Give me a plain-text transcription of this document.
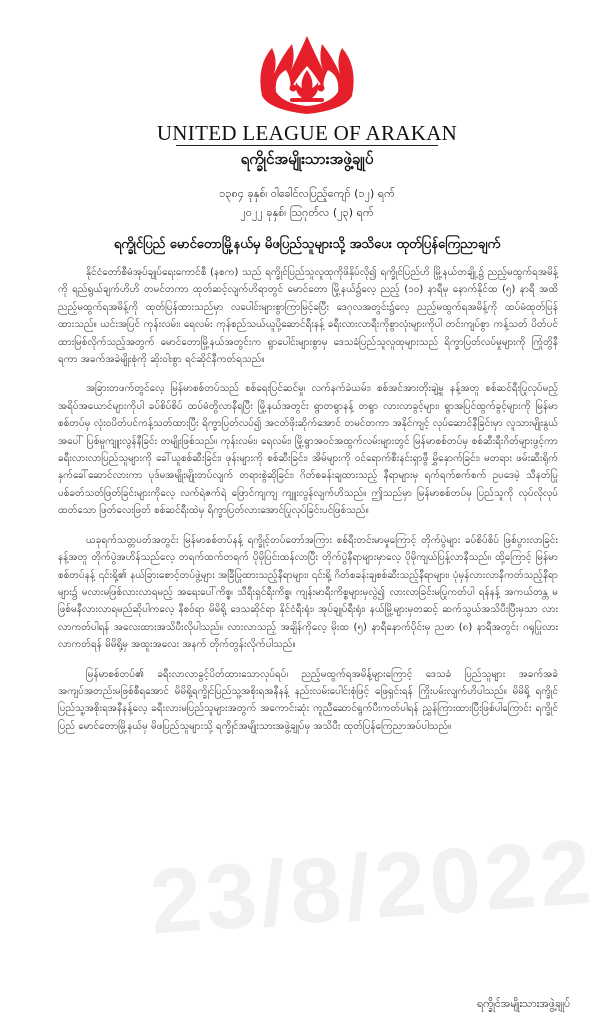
UNITED LEAGUE OF ARAKAN
ရက္ခိုင်အမျိုးသားအဖွဲ့ချုပ်
၁၃၈၄ ခုနှစ်၊ ဝါခေါင်လပြည့်ကျော် (၁၂) ရက်
၂၀၂၂ ခုနှစ်၊ ဩဂုတ်လ (၂၃) ရက်
ရက္ခိုင်ပြည် မောင်တောမြို့နယ်မှ မိဖပြည်သူများသို့ အသိပေး ထုတ်ပြန်ကြေညာချက်

နိုင်ငံတော်စီမံအုပ်ချုပ်ရေးကောင်စီ (နစက) သည် ရက္ခိုင်ပြည်သူလူထုကိုဖိနှိပ်လို၍ ရက္ခိုင်ပြည်ဟိ မြို့နယ်တချို့၌ ညည့်မထွက်ရအမိန့်ကို ရည်ရွယ်ချက်ဟိဟိ တမင်တကာ ထုတ်ဆင့်လျက်ဟိရာတွင် မောင်တော မြို့နယ်၌လေ့ ညည့် (၁၀) နာရီမှ နောက်နိုင်ထ (၅) နာရီ အထိ ညည့်မထွက်ရအမိန့်ကို ထုတ်ပြန်ထားသည်မှာ လပေါင်းများစွာကြာမြင့်ခပြီး ဒေဂုလအတွင်း၌လေ့ ညည့်မထွက်ရအမိန့်ကို ထပ်မံထုတ်ပြန်ထားသည်။ ယင်းအပြင် ကုန်းလမ်း၊ ရေလမ်း ကုန်စည်သယ်ယူပို့ဆောင်ရီးနန့် ခရီးလားလာရီးကိုစွာလုံးများကိုပါ တင်းကျပ်စွာ ကန့်သတ် ပိတ်ပင်ထားမြစ်လိုက်သည့်အတွက် မောင်တောမြို့နယ်အတွင်းက ရွာပေါင်းများစွာမှ ဒေသခံပြည်သူလူထုများသည် ရိက္ခာပြတ်လပ်မှုများကို ကြုံတွိနီရကာ အခက်အခဲမျိုးစုံကို ဆိုးဝါးစွာ ရင်ဆိုင်နီကတ်ရသည်။

အခြားတဖက်တွင်လေ့ မြန်မာစစ်တပ်သည် စစ်ရေးပြင်ဆင်မှု၊ လက်နက်ခဲယမ်း၊ စစ်အင်အားတိုးချဲ့မှု နန့်အတူ စစ်ဆင်ရီးပြုလုပ်မည့် အရိပ်အယောင်များကိုပါ ခပ်စိပ်စိပ် ထပ်မံတွိလာနီရပြီး မြို့နယ်အတွင်း ရွာတရွာနန့် တရွာ လားလာခွင့်များ၊ ရွာအပြင်ထွက်ခွင့်များကို မြန်မာစစ်တပ်မှ လုံးဝပိတ်ပင်ကန့်သတ်ထားပြီး ရိက္ခာပြတ်လပ်၍ အငတ်ဖိုးဆိုက်အောင် တမင်တကာ အနိုင်ကျင့် လုပ်ဆောင်နီခြင်းမှာ လူသားမျိုးနွယ်အပေါ် ပြစ်မှုကျူးလွန်နီခြင်း တမျိုးဖြစ်သည်။ ကုန်းလမ်း၊ ရေလမ်း၊ မြို့ရွာအဝင်အထွက်လမ်းများတွင် မြန်မာစစ်တပ်မှ စစ်ဆီးရီးဂိတ်များဖွင့်ကာ ခရီးလားလာပြည်သူများကို ခေါ်ယူစစ်ဆီးခြင်း၊ ဖုန်းများကို စစ်ဆီးခြင်း၊ အိမ်များကို ဝင်ရောက်စီးနင်းရှာဖွီ မွှိနှောက်ခြင်း၊ မတရား ဖမ်းဆီးရိုက်နှက်ခေါ်ဆောင်လားကာ ပုဒ်မအမျိုးမျိုးတပ်လျက် တရားစွဲဆိုခြင်း၊ ဂိတ်စခန်းချထားသည့် နီရာများမှ ရက်ရက်စက်စက် ဥပဒေမဲ့ သီနတ်ပြုပစ်ခတ်သတ်ဖြတ်ခြင်းများကိုလေ့ လက်ရဲဇက်ရဲ ဖြောင်ကျကျ ကျူးလွန်လျက်ဟိသည်။ ဤသည်မှာ မြန်မာစစ်တပ်မှ ပြည်သူကို လုပ်လိုလုပ်ထတ်သော ဖြတ်လေးဖြတ် စစ်ဆင်ရီးထဲမှ ရိက္ခာပြတ်လားအောင်ပြုလုပ်ခြင်းပင်ဖြစ်သည်။

ယခုရက်သတ္တပတ်အတွင်း မြန်မာစစ်တပ်နန့် ရက္ခိုင့်တပ်တော်အကြား စစ်ရီးတင်းမာမှုကြောင့် တိုက်ပွဲများ ခပ်စိပ်စိပ် ဖြစ်ပွားလာခြင်းနန့်အတူ တိုက်ပွဲအဟိန်သည်လေ့ တရက်ထက်တရက် ပိုမိုပြင်းထန်လာပြီး တိုက်ပွဲနီရာများမှာလေ့ ပိုမိုကျယ်ပြန့်လာနီသည်။ ထို့ကြောင့် မြန်မာစစ်တပ်နန့် ၎င်းရို့၏ နယ်ခြားစောင့်တပ်ဖွဲ့များ အခြီပြုထားသည့်နီရာများ၊ ၎င်းရို့ ဂိတ်စခန်းချစစ်ဆီးသည့်နီရာများ၊ ပုံမှန်လားလာနီကတ်သည့်နီရာများ၌ မလားမဖြစ်လားလာရမည့် အရေးပေါ်ကိစ္စ၊ သီရီးရှင်ရီးကိစ္စ၊ ကျန်းမာရီးကိစ္စများမှလွဲ၍ လားလာခြင်းမပြုကတ်ပါ ရန်နန့် အကယ်တန္တ မဖြစ်မနီလားလာရမည်ဆိုပါကလေ့ နီစဝ်ရာ မိမိရို့ ဒေသဆိုင်ရာ နိုင်ငံရီးရုံး၊ အုပ်ချုပ်ရီးရုံး၊ နယ်မြို့များမှတဆင့် ဆက်သွယ်အသိပီးပြီးမှသာ လားလာကတ်ပါရန် အလေးထားအသိပီးလိုပါသည်။ လားလာသည့် အချိန်ကိုလေ့ မိုးထ (၅) နာရီနောက်ပိုင်းမှ ညဖာ (၈) နာရီအတွင်း ဂရုပြုလားလာကတ်ရန် မိမိရို့မှ အထူးအလေး အနက် တိုက်တွန်းလိုက်ပါသည်။

မြန်မာစစ်တပ်၏ ခရီးလာလာခွင့်ပိတ်ထားသောလုပ်ရပ်၊ ညည့်မထွက်ရအမိန့်များကြောင့် ဒေသခံ ပြည်သူများ အခက်အခဲ အကျပ်အတည်းမဖြစ်စီရအောင် မိမိရို့ရက္ခိုင်ပြည်သူ့အစိုးရအနီနန့် နည်းလမ်းပေါင်းစုံဖြင့် ဖြေရှင်းရန် ကြိုးပမ်းလျက်ဟိပါသည်။ မိမိရို့ ရက္ခိုင်ပြည်သူ့အစိုးရအနီနန့်လေ့ ခရီးလားမပြည်သူများအတွက် အကောင်းဆုံး ကူညီဆောင်ရွက်ပီးကတ်ပါရန် ညွှန်ကြားထားပြီးဖြစ်ပါကြောင်း ရက္ခိုင်ပြည် မောင်တောမြို့နယ်မှ မိဖပြည်သူများသို့ ရက္ခိုင်အမျိုးသားအဖွဲ့ချုပ်မှ အသိပီး ထုတ်ပြန်ကြေညာအပ်ပါသည်။

23/8/2022
ရက္ခိုင်အမျိုးသားအဖွဲ့ချုပ်
